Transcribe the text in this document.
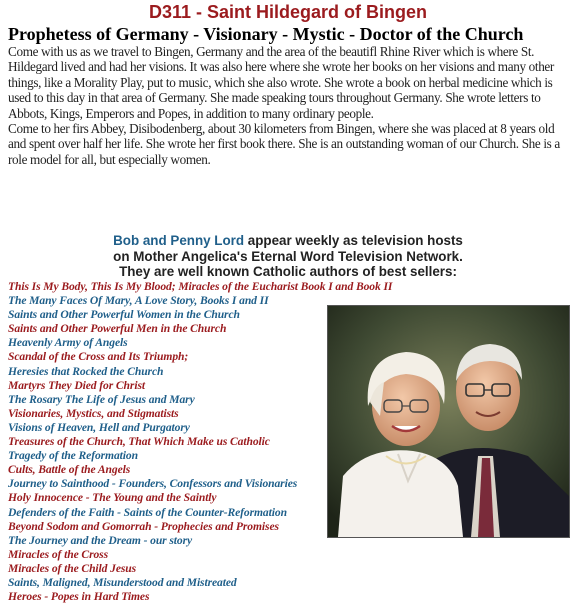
D311 - Saint Hildegard of Bingen
Prophetess of Germany - Visionary - Mystic - Doctor of the Church

Come with us as we travel to Bingen, Germany and the area of the beautifl Rhine River which is where St. Hildegard lived and had her visions. It was also here where she wrote her books on her visions and many other things, like a Morality Play, put to music, which she also wrote. She wrote a book on herbal medicine which is used to this day in that area of Germany. She made speaking tours throughout Germany. She wrote letters to Abbots, Kings, Emperors and Popes, in addition to many ordinary people.

Come to her firs Abbey, Disibodenberg, about 30 kilometers from Bingen, where she was placed at 8 years old and spent over half her life. She wrote her first book there. She is an outstanding woman of our Church. She is a role model for all, but especially women.

Bob and Penny Lord appear weekly as television hosts
on Mother Angelica's Eternal Word Television Network.
They are well known Catholic authors of best sellers:
This Is My Body, This Is My Blood; Miracles of the Eucharist Book I and Book II
The Many Faces Of Mary, A Love Story, Books I and II
Saints and Other Powerful Women in the Church
Saints and Other Powerful Men in the Church
Heavenly Army of Angels
Scandal of the Cross and Its Triumph;
Heresies that Rocked the Church
Martyrs They Died for Christ
The Rosary The Life of Jesus and Mary
Visionaries, Mystics, and Stigmatists
Visions of Heaven, Hell and Purgatory
Treasures of the Church, That Which Make us Catholic
Tragedy of the Reformation
Cults, Battle of the Angels
Journey to Sainthood - Founders, Confessors and Visionaries
Holy Innocence - The Young and the Saintly
Defenders of the Faith - Saints of the Counter-Reformation
Beyond Sodom and Gomorrah - Prophecies and Promises
The Journey and the Dream - our story
Miracles of the Cross
Miracles of the Child Jesus
Saints, Maligned, Misunderstood and Mistreated
Heroes - Popes in Hard Times
